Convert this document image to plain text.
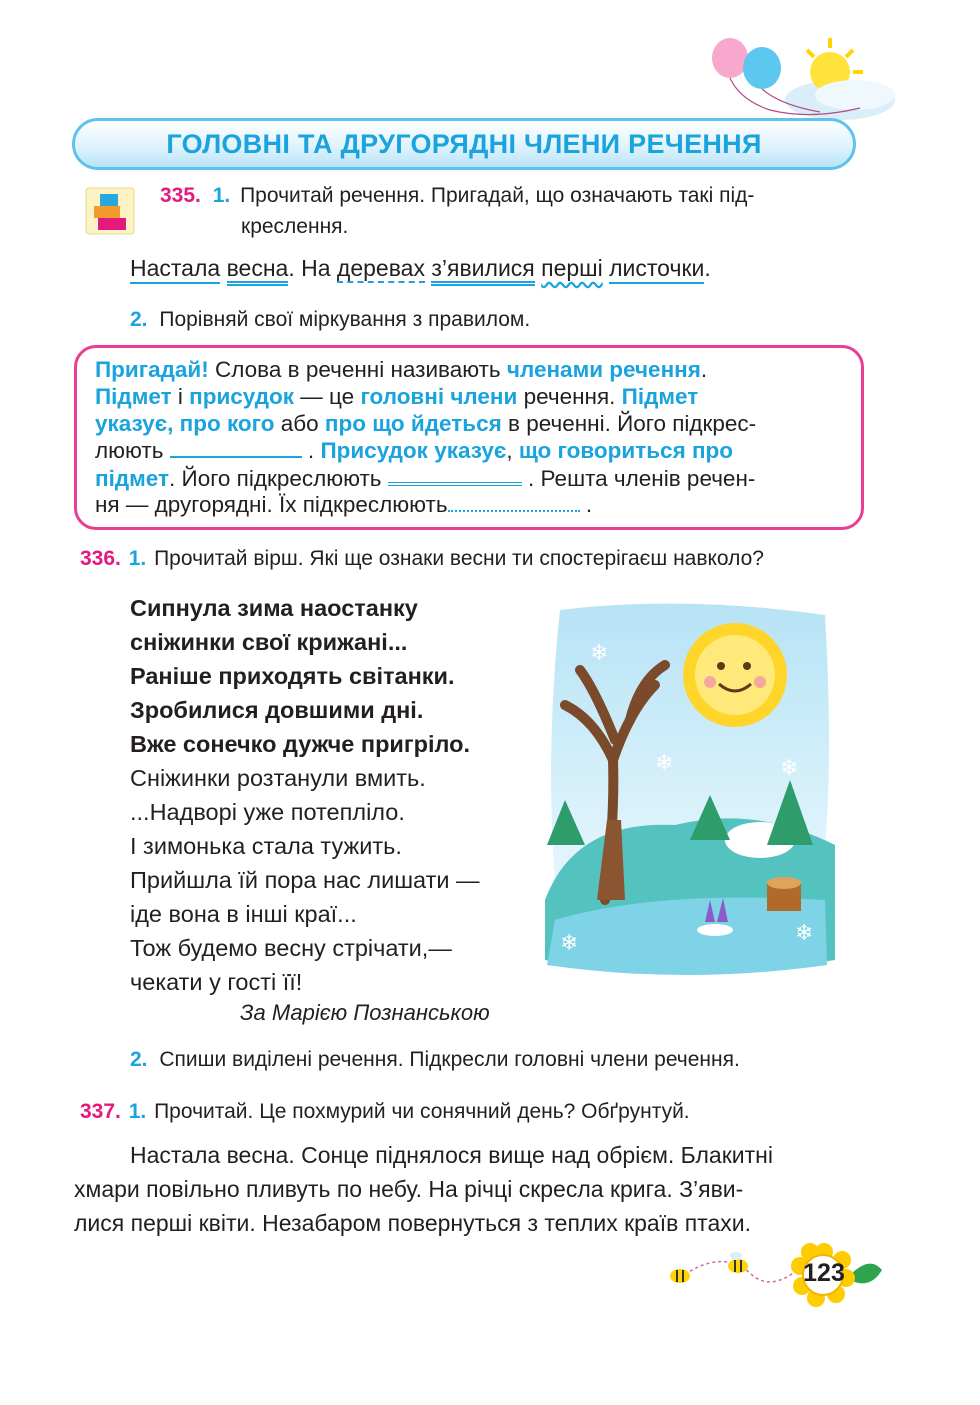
ГОЛОВНІ ТА ДРУГОРЯДНІ ЧЛЕНИ РЕЧЕННЯ
335. 1. Прочитай речення. Пригадай, що означають такі під-
креслення.
Настала весна. На деревах з’явилися перші листочки.
2. Порівняй свої міркування з правилом.
Пригадай! Слова в реченні називають членами речення.
Підмет і присудок — це головні члени речення. Підмет
указує, про кого або про що йдеться в реченні. Його підкрес-
люють	. Присудок указує, що говориться про
підмет. Його підкреслюють	. Решта членів речен-
ня — другорядні. Їх підкреслюють	.
336. 1. Прочитай вірш. Які ще ознаки весни ти спостерігаєш навколо?
Сипнула зима наостанку
сніжинки свої крижані...
Раніше приходять світанки.
Зробилися довшими дні.
Вже сонечко дужче пригріло.
Сніжинки розтанули вмить.
...Надворі уже потепліло.
І зимонька стала тужить.
Прийшла їй пора нас лишати —
іде вона в інші краї...
Тож будемо весну стрічати,—
чекати у гості її!
За Марією Познанською
❄
❄
❄
❄
❄
2. Спиши виділені речення. Підкресли головні члени речення.
337. 1. Прочитай. Це похмурий чи сонячний день? Обґрунтуй.
Настала весна. Сонце піднялося вище над обрієм. Блакитні
хмари повільно пливуть по небу. На річці скресла крига. З’яви-
лися перші квіти. Незабаром повернуться з теплих країв птахи.
123
